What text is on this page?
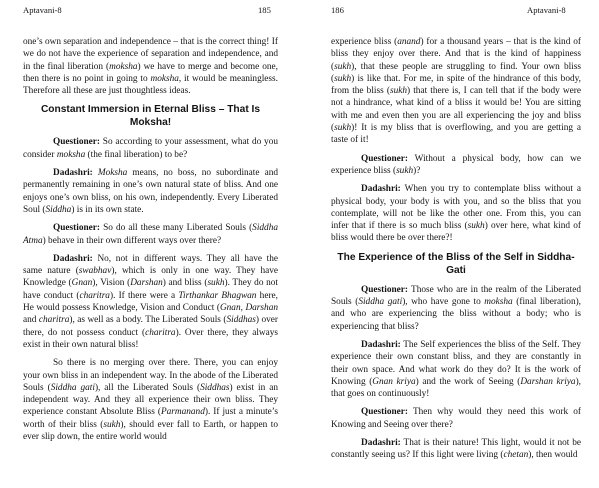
Aptavani-8	185

one’s own separation and independence – that is the correct thing! If we do not have the experience of separation and independence, and in the final liberation (moksha) we have to merge and become one, then there is no point in going to moksha, it would be meaningless. Therefore all these are just thoughtless ideas.

Constant Immersion in Eternal Bliss – That Is Moksha!

Questioner: So according to your assessment, what do you consider moksha (the final liberation) to be?

Dadashri: Moksha means, no boss, no subordinate and permanently remaining in one’s own natural state of bliss. And one enjoys one’s own bliss, on his own, independently. Every Liberated Soul (Siddha) is in its own state.

Questioner: So do all these many Liberated Souls (Siddha Atma) behave in their own different ways over there?

Dadashri: No, not in different ways. They all have the same nature (swabhav), which is only in one way. They have Knowledge (Gnan), Vision (Darshan) and bliss (sukh). They do not have conduct (charitra). If there were a Tirthankar Bhagwan here, He would possess Knowledge, Vision and Conduct (Gnan, Darshan and charitra), as well as a body. The Liberated Souls (Siddhas) over there, do not possess conduct (charitra). Over there, they always exist in their own natural bliss!

So there is no merging over there. There, you can enjoy your own bliss in an independent way. In the abode of the Liberated Souls (Siddha gati), all the Liberated Souls (Siddhas) exist in an independent way. And they all experience their own bliss. They experience constant Absolute Bliss (Parmanand). If just a minute’s worth of their bliss (sukh), should ever fall to Earth, or happen to ever slip down, the entire world would

186	Aptavani-8

experience bliss (anand) for a thousand years – that is the kind of bliss they enjoy over there. And that is the kind of happiness (sukh), that these people are struggling to find. Your own bliss (sukh) is like that. For me, in spite of the hindrance of this body, from the bliss (sukh) that there is, I can tell that if the body were not a hindrance, what kind of a bliss it would be! You are sitting with me and even then you are all experiencing the joy and bliss (sukh)! It is my bliss that is overflowing, and you are getting a taste of it!

Questioner: Without a physical body, how can we experience bliss (sukh)?

Dadashri: When you try to contemplate bliss without a physical body, your body is with you, and so the bliss that you contemplate, will not be like the other one. From this, you can infer that if there is so much bliss (sukh) over here, what kind of bliss would there be over there?!

The Experience of the Bliss of the Self in Siddha-Gati

Questioner: Those who are in the realm of the Liberated Souls (Siddha gati), who have gone to moksha (final liberation), and who are experiencing the bliss without a body; who is experiencing that bliss?

Dadashri: The Self experiences the bliss of the Self. They experience their own constant bliss, and they are constantly in their own space. And what work do they do? It is the work of Knowing (Gnan kriya) and the work of Seeing (Darshan kriya), that goes on continuously!

Questioner: Then why would they need this work of Knowing and Seeing over there?

Dadashri: That is their nature! This light, would it not be constantly seeing us? If this light were living (chetan), then would
